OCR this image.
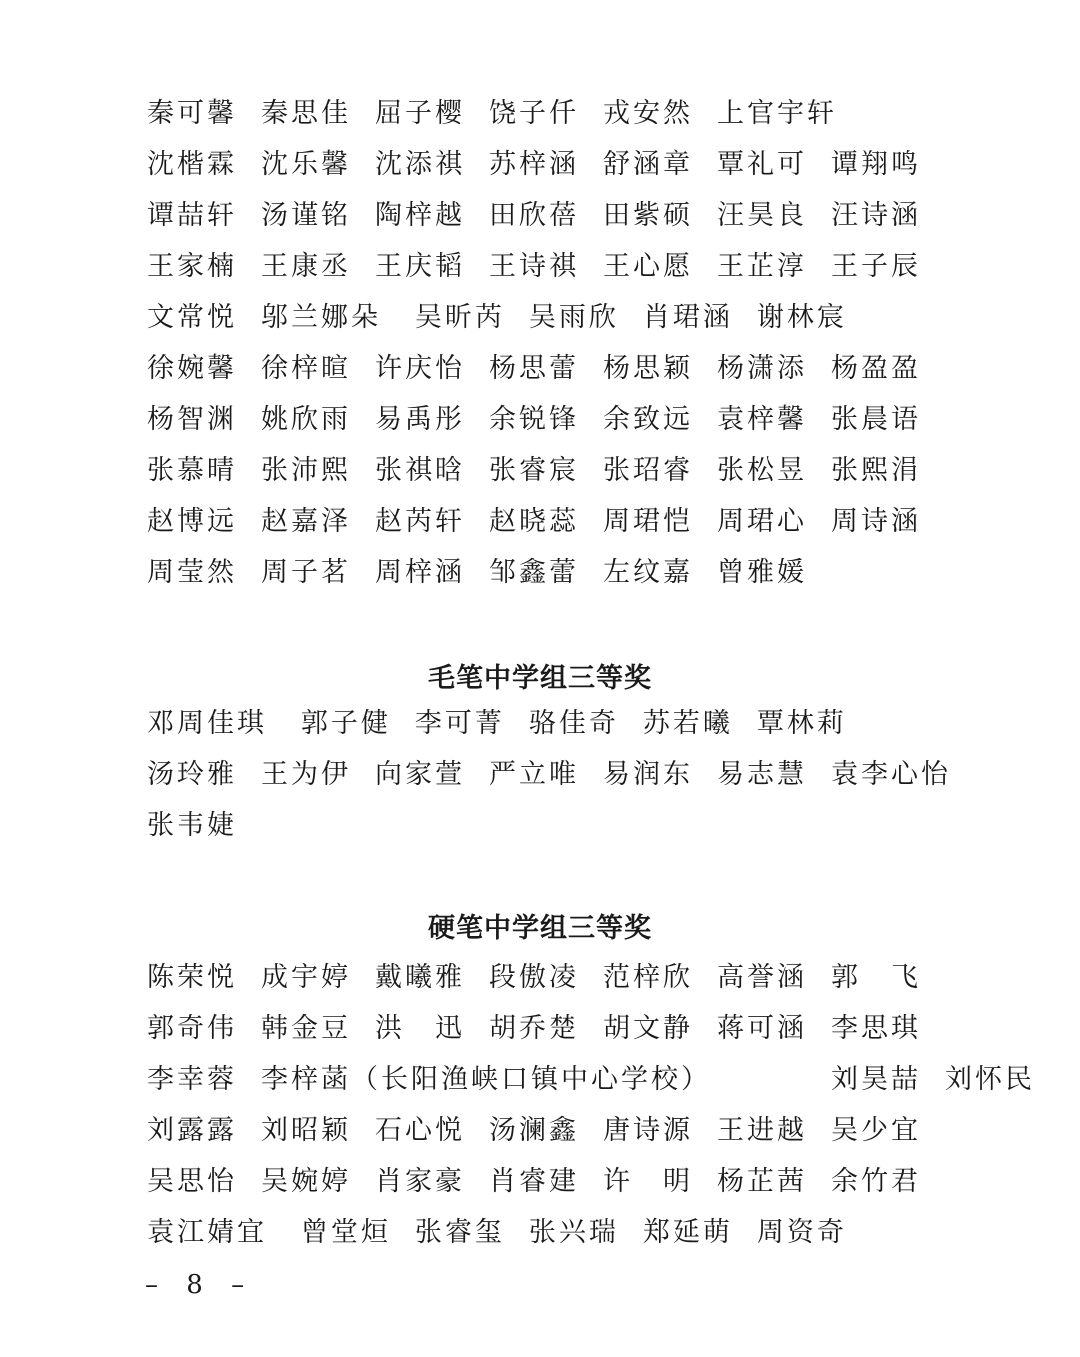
秦可馨 秦思佳 屈子樱 饶子仟 戎安然 上官宇轩
沈楷霖 沈乐馨 沈添祺 苏梓涵 舒涵章 覃礼可 谭翔鸣
谭喆轩 汤谨铭 陶梓越 田欣蓓 田紫硕 汪昊良 汪诗涵
王家楠 王康丞 王庆韬 王诗祺 王心愿 王芷淳 王子辰
文常悦 邬兰娜朵 吴昕芮 吴雨欣 肖珺涵 谢林宸
徐婉馨 徐梓暄 许庆怡 杨思蕾 杨思颖 杨潇添 杨盈盈
杨智渊 姚欣雨 易禹彤 余锐锋 余致远 袁梓馨 张晨语
张慕晴 张沛熙 张祺晗 张睿宸 张玿睿 张松昱 张熙涓
赵博远 赵嘉泽 赵芮轩 赵晓蕊 周珺恺 周珺心 周诗涵
周莹然 周子茗 周梓涵 邹鑫蕾 左纹嘉 曾雅媛
毛笔中学组三等奖
邓周佳琪 郭子健 李可菁 骆佳奇 苏若曦 覃林莉
汤玲雅 王为伊 向家萱 严立唯 易润东 易志慧 袁李心怡
张韦婕
硬笔中学组三等奖
陈荣悦 成宇婷 戴曦雅 段傲凌 范梓欣 高誉涵 郭　飞
郭奇伟 韩金豆 洪　迅 胡乔楚 胡文静 蒋可涵 李思琪
李幸蓉 李梓菡（长阳渔峡口镇中心学校）	刘昊喆 刘怀民
刘露露 刘昭颖 石心悦 汤澜鑫 唐诗源 王进越 吴少宜
吴思怡 吴婉婷 肖家豪 肖睿建 许　明 杨芷茜 余竹君
袁江婧宜 曾堂烜 张睿玺 张兴瑞 郑延萌 周资奇
– 8 –
